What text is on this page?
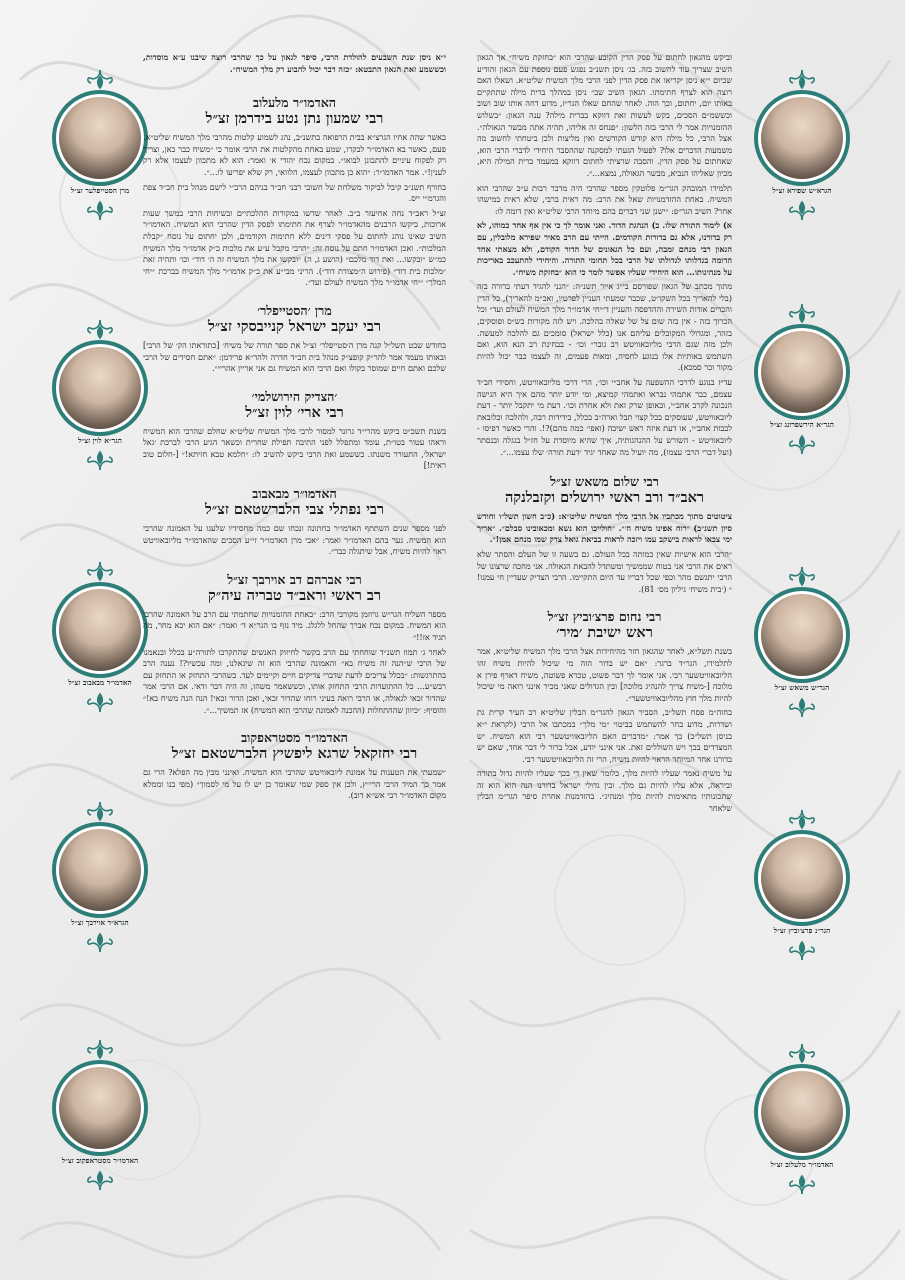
הגרא״ש שפירא זצ״ל
הגר״א הירשפרונג זצ״ל
הגר״ש משאש זצ״ל
הגר״נ פרצ׳וביץ זצ״ל
האדמו״ר מלעלוב זצ״ל
מרן הסטייפלער זצ״ל
הגר״א לוין זצ״ל
האדמו״ר מבאבוב זצ״ל
הגרא״ד אוירבך זצ״ל
האדמו״ר מסטראפקוב זצ״ל

וביקש מהגאון לחתום על פסק הדין הקובע שהרבי הוא ״בחזקת משיח״ אך הגאון השיב שצריך עוד לחשוב בזה. בג׳ ניסן תשנ״ב נפגש פעם נוספת עם הגאון והודיע שביום י״א ניסן יקריאו את פסק הדין לפני הרבי מלך המשיח שליט״א. ושאלו האם רוצה הוא לצרף חתימתו. הגאון השיב שב״ ניסן במהלך ברית מילה שתתקיים באותו יום, יחתום, וכך הוה. לאחר שהחם שאלו הגר״ז, מדוע דחה אותו שוב ושוב וכששמ״ם הסכים, בקש לעשות זאת דווקא בברית מילה? ענה הגאון: ״בשלוש ההזמנויות אמר לי הרבי בזה הלשון: ״פנחס זה אליהו, תהיה אתה מבשר הגאולה״. אצל הרבי, כל מילה היא קודש הקודשים ואין מליצות ולכן ביטחתי לחשוב מה משמעות הדברים אלו? לפעול הגעתי למסקנה שההסבר היחידי לדברי הרבי הוא, שאחתום על פסק הדין. והסבה שרציתי לחתום דווקא במעמד ברית המילה היא, מכיון שאליהו הנביא, מבשר הגאולה, נמצא...״.

תלמידו המובהק הגר״מ פלוטקין מספר שהרבי היה מדבר רבות ע״כ שהרבי הוא המשיח. באחת ההזדמנויות שאל את הרב: מה ראית ברבי, שלא ראית במישהו אחר? השיב הגר״פ: ״ישנן שני דברים בהם מיוחד הרבי שליט״א ואין דומה לו:

א) לימוד התורה שלו. ב) הנהגת הדור. ואני אומר לך כי אין אף אחד כמוהו, לא רק בדורנו, אלא גם בדורות הקודמים. הייתי עם הרב מאיר שפירא מלובלין, עם הגאון רבי מנחם זמבה, ועם כל הגאונים של הדור הקודם, ולא מצאתי אחד הדומה בגדלותו לגדולתו של הרבי בכל תחומי התורה. והיחידי להתעכב באריכות על מנהיגותו... הוא היחידי שעליו אפשר לומר כי הוא ״בחזקת משיח״.

מתוך מכתב של הגאון שפורסם בי״ג אייר תשנ״ה: ״הנני להגיד דעתי ברורה בזה (בלי להאריך בכל השקו״ט, שכבר שמעתי העניין לפרטיו, ואכ״מ להאריך), כל הדין והכרים אודות השירה וההדפסה והעניין ד״יחי אדמו״ר מלך המשיח לעולם ועד״ וכל הכרוך בזה - אין בזה שום צל של שאלה בהלכה. ויש לזה מקורות בש״ס ופוסקים, בזהר, ומגדולי המקובלים עליהם אנו (כלל ישראל) סומכים גם להלכה למעשה. ולכן מזה שגם הרבי מליובאוויטש רב גובר״ וכו׳ - בבחינת רב הנא הוא, ואם השתמש באותיות אלו בנוגע לחסיה, ומאות פעמים, זה לעצמו כבר יכול להיות מקור וכר סמכא).

עד״ז בנוגע לדרכי ההשפעה על אחב״י וכו׳, הרי דרכי מליובאוויטש, וחסידי חב״ד עצמם, כבר אתמהי נבראו ואתמהי קמיצא, ומי יודע יותר מהם איך היא הגישה הנכונה לקרב אחב״י, ובאופן שרק זאת ולא אחרת וכו׳. דעת מי יתקבל יותר - דעת ליובאוויטש, שעוסקים בכל קצוי תבל וארה״ב בכלל, בידידות רבה, ולהלכה וכלובאת לבבות אחב״י, או דעת איזה ראש ישיבה (ואפי׳ כמה מהם)?!. והרי כאשר דפיסו - ליובאוויטש - השורש על ההנהגותיה, איך שהיא מיוסדת על חז״ל בגגלה ובנסתר (ועל דברי הרבי עצמו), מה יועיל מה שאחד יגיד ׳דעת תורה׳ שלו עצמו...״.

רבי שלום משאש זצ״ל
ראב״ד ורב ראשי ירושלים וקזבלנקה

ציטוטים מתוך מכתביו אל הרבי מלך המשיח שליט״א: (כ״ב חשון תשל״ו וחודש סיון תשנ״ב) ״רוח אפינו משיח ה׳״. ״חולייכו הוא נשא ומכאובינו סבלם״. ״אריך ימי צבאו לראות בישקב עמו ויזכה לראות בביאת גואל צדק שמו מנחם אמן!״.

״הרבי הוא אישיות שאין כמותה בכל העולם. גם בשעה זו של העלם והסתר שלא ראים את הרבי אני בטוח שממשיך ומשתדל להבאת הגאולה. אני מחכה שרצונו של הרבי יתגשם מהר וכפי שכל דבריו עד היום התקיימו. הרבי הצדיק שעדיין חי עמנו!״ (׳בית משיח׳ גיליון מס׳ 81).

רבי נחום פרצ׳וביץ זצ״ל
ראש ישיבת ׳מיר׳

בשנת תשל״א, לאחר שהגאון חזר מהיחידות אצל הרבי מלך המשיח שליט״א, אמר לתלמידו, הגר״ד ברגר: ״אם יש בדור הזה מי שיכול להיות משיח זהו הליובאוויטשער רבי. אני אומר לך דבר פשוט, טכרא פשוטה, משיח דארף פירן א מלוכה [-משיח צריך להנהיג מלוכה] ובין הגדולים שאני מכיר אינני רואה מי שיכול להיות מלך חוץ מהליובאוויטשער״.

בחוה״מ פסח תשל״ב, הסביר הגאון להגר״מ הבלין שליט״א רב העיר קרית גת ושדרות, מדוע בחר להשתמש בביטוי ״מי מלך״ במכתבו אל הרבי (לקראת י״א בניסן תשל״ב) כך אמר: ״מדברים האם הליובאוויטשער רבי הוא המשיח. יש המצדדים בכך ויש השוללים זאת. אני אינני יודע, אבל ברור לי דבר אחד, שאם יש בדורנו אחד המיוחד הראוי להיות משיח, הרי זה הליובאוויטשער רבי.

על משיח נאמר שעליו להיות מלך, כלומר שאין די בכך שעליו להיות גדול בתורה וביראה, אלא עליו להיות גם מלך. ובין גדולי ישראל בדורנו הנה הוא הוא זה שתכונותיו מתאימות להיות מלך ומנהיג״. בהזדמנות אחרת סיפר הגר״מ הבלין שלאחר

י״א ניסן שנת השבעים להולדת הרבי, סיפר לגאון על כך שהרבי רוצה שיבנו ע״א מוסדות, וכששמע זאת הגאון התבטא: ״כזה דבר יכול להבוע רק מלך המשיח״.

האדמו״ר מלעלוב
רבי שמעון נתן נטע בידרמן זצ״ל

כאשר שהה אחיו הגרצ״א בבית הרפואה בתשנ״ב, נהג לשמוע קלטות מהרבי מלך המשיח שליט״א. פעם, כאשר בא האדמו״ר לבקרו, שמע באחת מהקלטות את הרבי אומר כי ״משיח כבר כאן, וצריך רק לפקוח עיניים להתבונן לבואו״. במקום נכח יהודי א׳ ואמר: הוא לא מתכוון לעצמו אלא רק לענין!״. אמר האדמו״ר: ״הוא כן מתכוון לעצמו, הלוואי, רק שלא יפריעו לו...״.

בחורף תשנ״ב קיבל לביקור משלחת של חשובי רבני חב״ד בניהם הרב״י לישם מנהל בית חב״ד צפת והגרמ״י ייס.

זצ״ל ראב״ד נחה אחיעזר ב״ב. לאחר שדשו במקורות ההלכתיים ובשיחות הרבי במשך שעות ארוכות, ביקשו הרבנים מהאדמו״ר לצרף את חתימתו לפסק הדין שהרבי הוא המשיח. האדמו״ר השיב שאינו נוהג לחתום על פסקי דינים ללא חתימות הקודמים, ולכן יחתום על נוסח ״קבלת המלכות״. ואכן האדמו״ר חתם על נוסח זה: ״הרבי מקבל ע״ע את מלכות כ״ק אדמו״ר מלך המשיח כמ״ש ״ובקשו... ואת דוד מלכם״ (הושע ג, ה) ״ובקשו את מלך המשיח זה ה׳ דוד״ וכו׳ ותהיה זאת ״מלכות בית דוד״ (פירוש ה״מצודת דוד״). הריני מבי״ע את כ״ק אדמו״ר מלך המשיח בברכת ״יחי המלך״ ״יחי אדמו״ר מלך המשיח לעולם ועד״.

מרן ׳הסטייפלר׳
רבי יעקב ישראל קנייבסקי זצ״ל

בחודש שבט תשל״ל קנה מרן ה׳סטייפלר׳ זצ״ל את ספר תורה של משיח׳ [כתוראתו הק׳ של הרבי] ובאותו מעמד אמר להר״ק קופצ״ק מנהל בית חב״ד חדרה ולהר״א פרידמן: ״אתם חסידים של הרבי שלכם ואתם חיים שמוסר בקולו ואם הרבי הוא המשיח גם אני אריין אהריי״.

׳הצדיק הירושלמי׳
רבי ארי׳ לוין זצ״ל

בשנת תשכ״ט ביקש מהרי״ד גרונר למסור לרבי מלך המשיח שליט״א שחלם שהרבי הוא המשיח וראהו עטור בטו״ת, עומד ומתפלל לפני התיבה תפילת שחרית וכשאר הגיע הרבי לברכת ׳גאל ישראל׳, התעורר משנתו. כששמע זאת הרבי ביקש להשיב לו: ״חלמא טבא חזיתא!״ [-חלום טוב ראית!]

האדמו״ר מבאבוב
רבי נפתלי צבי הלברשטאם זצ״ל

לפני מספר שנים השתתף האדמו״ר בחתונה ונכחו שם כמה מחסידיו שלעגו על האמונה שהרבי הוא המשיח. גער בהם האדמו״ר ואמר: ״אבי מרן האדמו״ר זי״ע הסכים שהאדמו״ר מליובאוויטש ראוי להיות משיח, אבל שיתגלה כבר״.

רבי אברהם דב אוירבך זצ״ל
רב ראשי וראב״ד טבריה עיה״ק

מספר השליח הגר״ש גרוזמן מקורבי הרב: ״באחת ההזמנויות שחתמתי עם הרב על האמונה שהרבי הוא המשיח. במקום נכח אברך שהחל ללגלג. מיד נזף בו הגר״א ד׳ ואמר: ״אם הוא יכא מחר, מה תגיד אז!!״

לאחר ג׳ תמוז תשנ״ד שוחחתי עם הרב בקשר לחיזוק האנשים שהתקרבו לתורה״ע בכלל ובנאמנו של הרבי ש״הנה זה משיח בא״ והאמונה שהרבי הוא זה שיגאלנו, ומה עכשיו?! נענה הרב בהתרגשות: ״בכלל צריכים לדעת שדברי צדיקים חיים וקיימים לעד. כשהרבי התחזק או התחזק עם רבש״ע... כל ההתועדות הרבי התחזק אותו, וכששאמר משהו, זה היה דבר ודאי. אם הרבי אמר שהדור זכאי לגאולה, או הרבי רואה בעיני רוחו שהדור זכאי, ואכן הדור זכאי! הנה הנה משיח בא!״ והוסיף: ״כיוון שההתחלות (ההכנה לאמונה שהרבי הוא המשיח) אז תמשיך...״.

האדמו״ר מסטראפקוב
רבי יחזקאל שרגא ליפשיץ הלברשטאם זצ״ל

״שמעתי את הטענות על אמונת ליובאוויטש שהרבי הוא המשיח. ואינני מבין מה הפלא? הרי גם אמר כך המיד הרבי הרי״ץ, ולכן אין ספק שמי שאומר כן יש לו על מי לסמוך״ (מפי בנו וממלא מקום האדמו״ר רבי אש״א דוב).
